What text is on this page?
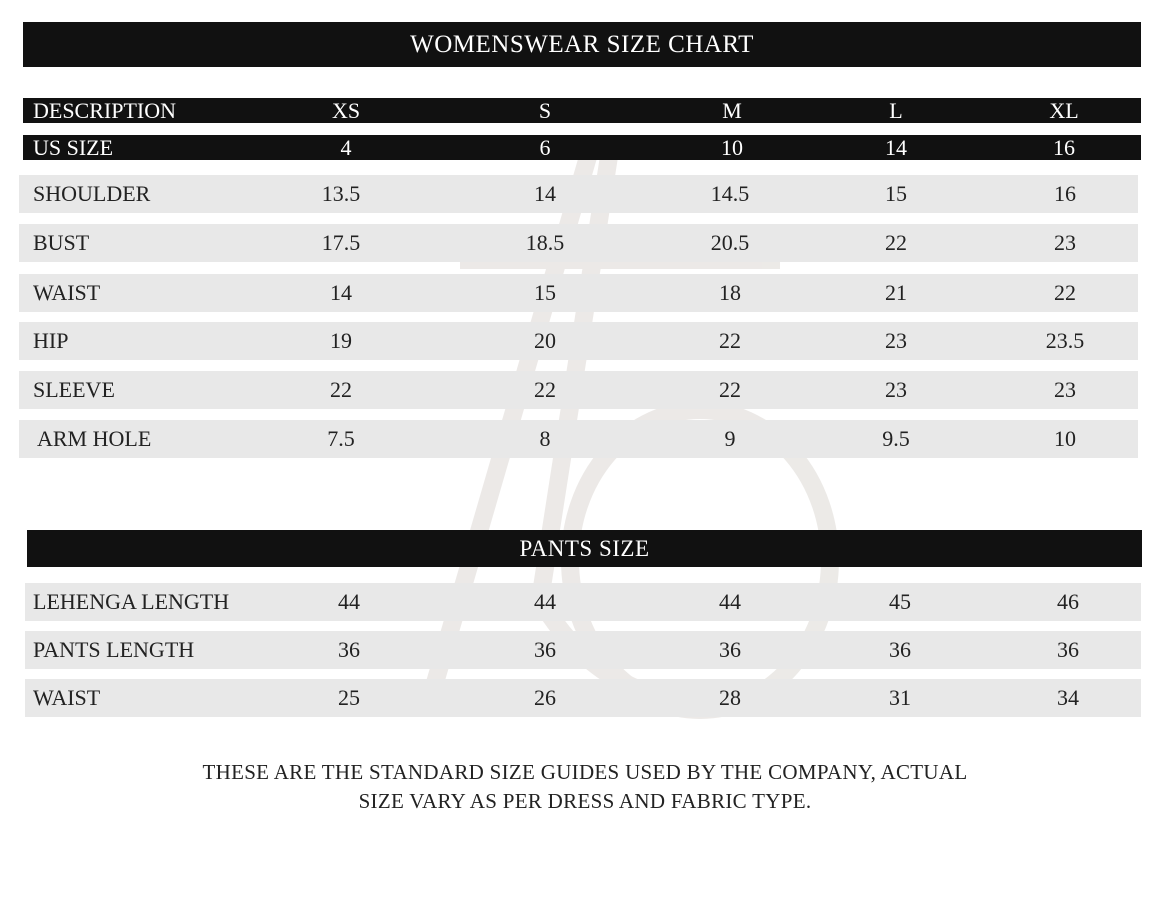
WOMENSWEAR SIZE CHART
DESCRIPTION	XS	S	M	L	XL
US SIZE	4	6	10	14	16
SHOULDER	13.5	14	14.5	15	16
BUST	17.5	18.5	20.5	22	23
WAIST	14	15	18	21	22
HIP	19	20	22	23	23.5
SLEEVE	22	22	22	23	23
ARM HOLE	7.5	8	9	9.5	10
PANTS SIZE
LEHENGA LENGTH	44	44	44	45	46
PANTS LENGTH	36	36	36	36	36
WAIST	25	26	28	31	34
THESE ARE THE STANDARD SIZE GUIDES USED BY THE COMPANY, ACTUAL
SIZE VARY AS PER DRESS AND FABRIC TYPE.
